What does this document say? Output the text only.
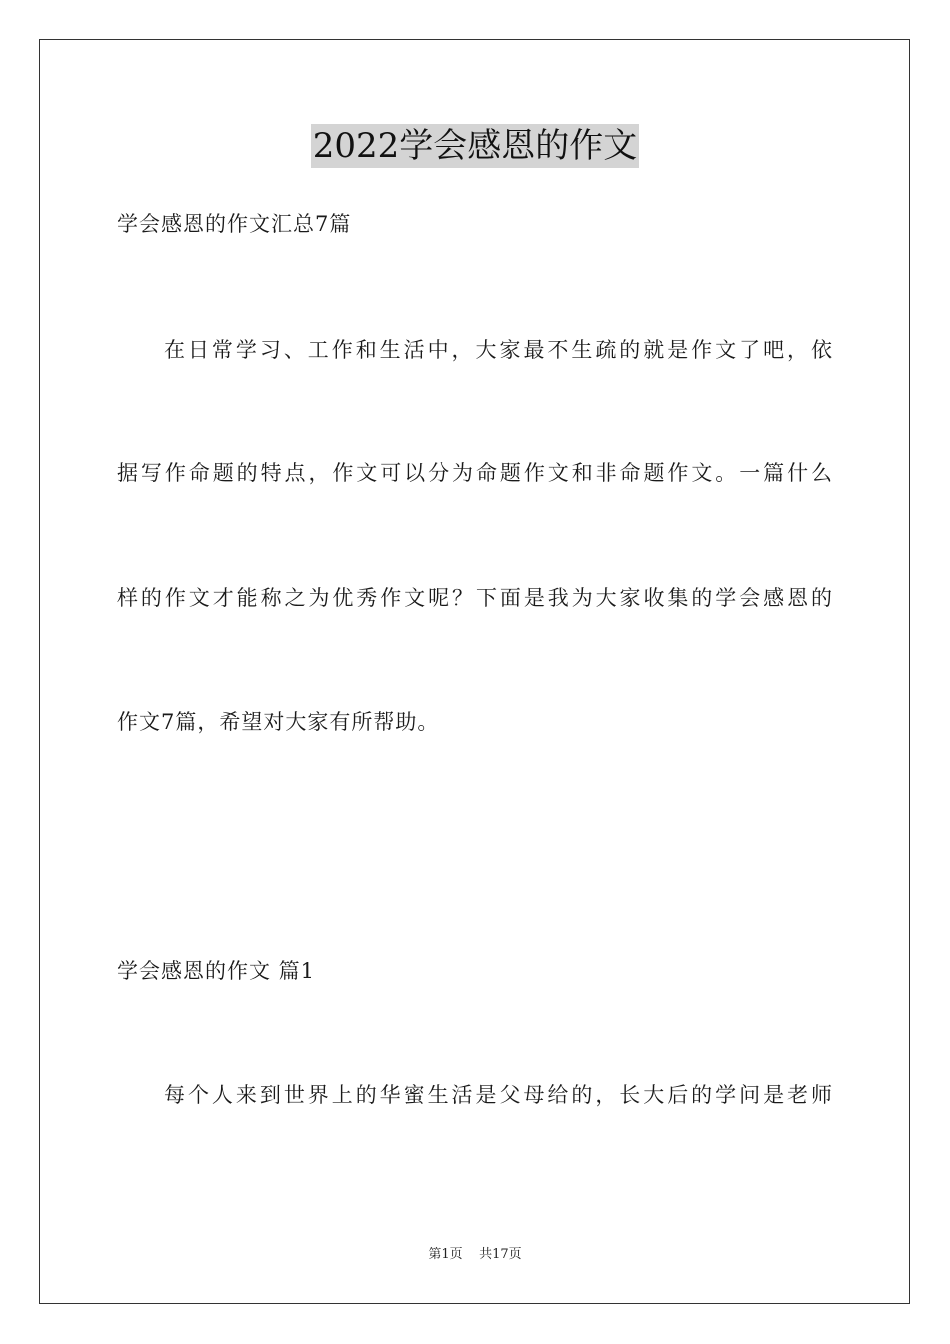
2022学会感恩的作文
学会感恩的作文汇总7篇
在日常学习、工作和生活中，大家最不生疏的就是作文了吧，依
据写作命题的特点，作文可以分为命题作文和非命题作文。一篇什么
样的作文才能称之为优秀作文呢？下面是我为大家收集的学会感恩的
作文7篇，希望对大家有所帮助。
学会感恩的作文 篇1
每个人来到世界上的华蜜生活是父母给的，长大后的学问是老师
第1页    共17页
